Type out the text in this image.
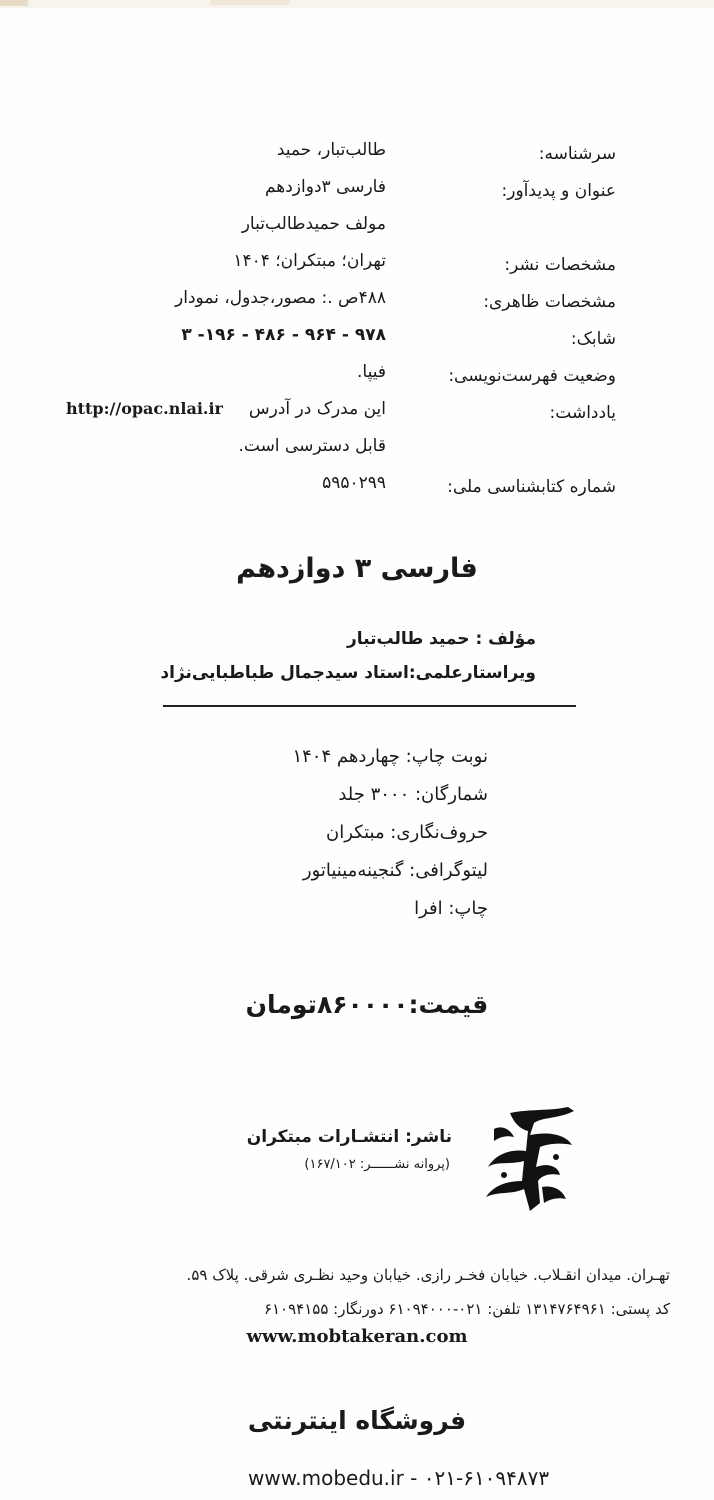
سرشناسه:
طالب‌تبار، حمید
عنوان و پدیدآور:
فارسی ۳دوازدهم
مولف حمیدطالب‌تبار
مشخصات نشر:
تهران؛ مبتکران؛ ۱۴۰۴
مشخصات ظاهری:
۴۸۸ص .: مصور،جدول، نمودار
شابک:
۹۷۸ - ۹۶۴ - ۴۸۶ - ۱۹۶- ۳
وضعیت فهرست‌نویسی:
فیپا.
یادداشت:
این مدرک در آدرس
http://opac.nlai.ir
قابل دسترسی است.
شماره کتابشناسی ملی:
۵۹۵۰۲۹۹
فارسی ۳ دوازدهم
مؤلف : حمید طالب‌تبار
ویراستارعلمی:استاد سیدجمال طباطبایی‌نژاد
نوبت چاپ: چهاردهم ۱۴۰۴
شمارگان: ۳۰۰۰ جلد
حروف‌نگاری: مبتکران
لیتوگرافی: گنجینه‌مینیاتور
چاپ: افرا
قیمت:۸۶۰۰۰۰تومان
ناشر: انتشـارات مبتکران
(پروانه نشــــــر: ۱۶۷/۱۰۲)
تهـران. میدان انقـلاب. خیابان فخـر رازی. خیابان وحید نظـری شرقی. پلاک ۵۹.
کد پستی: ۱۳۱۴۷۶۴۹۶۱ تلفن: ۰۲۱-۶۱۰۹۴۰۰۰ دورنگار: ۶۱۰۹۴۱۵۵
www.mobtakeran.com
فروشگاه اینترنتی
www.mobedu.ir - ۰۲۱-۶۱۰۹۴۸۷۳
